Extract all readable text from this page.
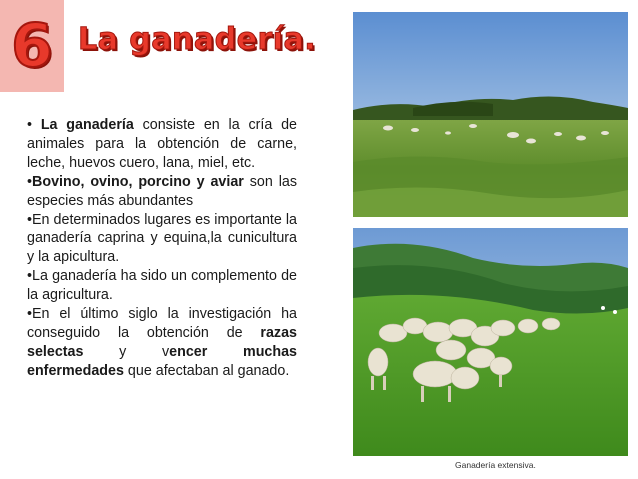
6 La ganadería.

• La ganadería consiste en la cría de animales para la obtención de carne, leche, huevos cuero, lana, miel, etc.

•Bovino, ovino, porcino y aviar son las especies más abundantes

•En determinados lugares es importante la ganadería caprina y equina,la cunicultura y la apicultura.

•La ganadería ha sido un complemento de la agricultura.

•En el último siglo la investigación ha conseguido la obtención de razas selectas y vencer muchas enfermedades que afectaban al ganado.

Ganadería extensiva.
